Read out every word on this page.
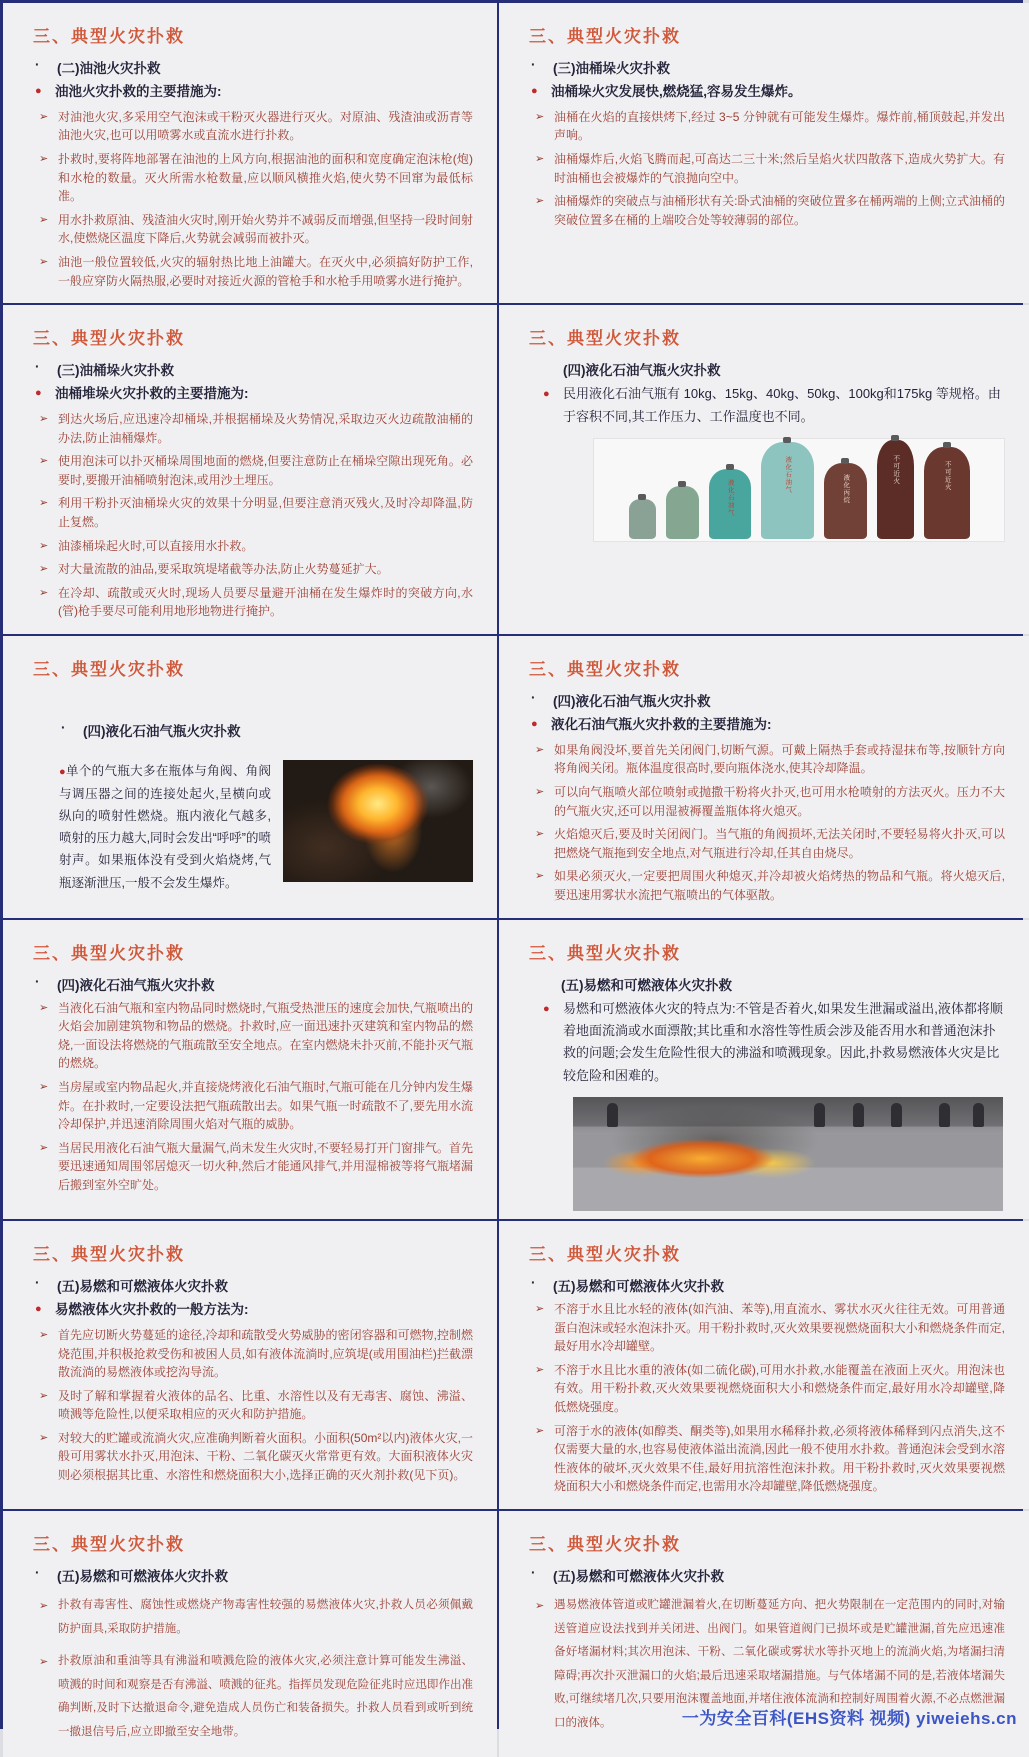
三、典型火灾扑救
·	(二)油池火灾扑救
● 油池火灾扑救的主要措施为:
➢ 对油池火灾,多采用空气泡沫或干粉灭火器进行灭火。对原油、残渣油或沥青等油池火灾,也可以用喷雾水或直流水进行扑救。
➢ 扑救时,要将阵地部署在油池的上风方向,根据油池的面积和宽度确定泡沫枪(炮)和水枪的数量。灭火所需水枪数量,应以顺风横推火焰,使火势不回窜为最低标准。
➢ 用水扑救原油、残渣油火灾时,刚开始火势并不减弱反而增强,但坚持一段时间射水,使燃烧区温度下降后,火势就会减弱而被扑灭。
➢ 油池一般位置较低,火灾的辐射热比地上油罐大。在灭火中,必须搞好防护工作,一般应穿防火隔热服,必要时对接近火源的管枪手和水枪手用喷雾水进行掩护。
三、典型火灾扑救
·	(三)油桶垛火灾扑救
● 油桶垛火灾发展快,燃烧猛,容易发生爆炸。
➢ 油桶在火焰的直接烘烤下,经过 3~5 分钟就有可能发生爆炸。爆炸前,桶顶鼓起,并发出声响。
➢ 油桶爆炸后,火焰飞腾而起,可高达二三十米;然后呈焰火状四散落下,造成火势扩大。有时油桶也会被爆炸的气浪抛向空中。
➢ 油桶爆炸的突破点与油桶形状有关:卧式油桶的突破位置多在桶两端的上侧;立式油桶的突破位置多在桶的上端咬合处等较薄弱的部位。
三、典型火灾扑救
·	(三)油桶垛火灾扑救
● 油桶堆垛火灾扑救的主要措施为:
➢ 到达火场后,应迅速冷却桶垛,并根据桶垛及火势情况,采取边灭火边疏散油桶的办法,防止油桶爆炸。
➢ 使用泡沫可以扑灭桶垛周围地面的燃烧,但要注意防止在桶垛空隙出现死角。必要时,要搬开油桶喷射泡沫,或用沙土埋压。
➢ 利用干粉扑灭油桶垛火灾的效果十分明显,但要注意消灭残火,及时冷却降温,防止复燃。
➢ 油漆桶垛起火时,可以直接用水扑救。
➢ 对大量流散的油品,要采取筑堤堵截等办法,防止火势蔓延扩大。
➢ 在冷却、疏散或灭火时,现场人员要尽量避开油桶在发生爆炸时的突破方向,水(管)枪手要尽可能利用地形地物进行掩护。
三、典型火灾扑救
(四)液化石油气瓶火灾扑救
●	民用液化石油气瓶有 10kg、15kg、40kg、50kg、100kg和175kg 等规格。由于容积不同,其工作压力、工作温度也不同。
液化石油气
液化石油气	液化丙烷
不可近火	不可近火
三、典型火灾扑救
·	(四)液化石油气瓶火灾扑救
●单个的气瓶大多在瓶体与角阀、角阀与调压器之间的连接处起火,呈横向或纵向的喷射性燃烧。瓶内液化气越多,喷射的压力越大,同时会发出“呼呼”的喷射声。如果瓶体没有受到火焰烧烤,气瓶逐渐泄压,一般不会发生爆炸。
三、典型火灾扑救
·	(四)液化石油气瓶火灾扑救
● 液化石油气瓶火灾扑救的主要措施为:
➢ 如果角阀没坏,要首先关闭阀门,切断气源。可戴上隔热手套或持湿抹布等,按顺针方向将角阀关闭。瓶体温度很高时,要向瓶体浇水,使其冷却降温。
➢ 可以向气瓶喷火部位喷射或抛撒干粉将火扑灭,也可用水枪喷射的方法灭火。压力不大的气瓶火灾,还可以用湿被褥覆盖瓶体将火熄灭。
➢ 火焰熄灭后,要及时关闭阀门。当气瓶的角阀损坏,无法关闭时,不要轻易将火扑灭,可以把燃烧气瓶拖到安全地点,对气瓶进行冷却,任其自由烧尽。
➢ 如果必须灭火,一定要把周围火种熄灭,并冷却被火焰烤热的物品和气瓶。将火熄灭后,要迅速用雾状水流把气瓶喷出的气体驱散。
三、典型火灾扑救
·	(四)液化石油气瓶火灾扑救
➢ 当液化石油气瓶和室内物品同时燃烧时,气瓶受热泄压的速度会加快,气瓶喷出的火焰会加剧建筑物和物品的燃烧。扑救时,应一面迅速扑灭建筑和室内物品的燃烧,一面设法将燃烧的气瓶疏散至安全地点。在室内燃烧未扑灭前,不能扑灭气瓶的燃烧。
➢ 当房屋或室内物品起火,并直接烧烤液化石油气瓶时,气瓶可能在几分钟内发生爆炸。在扑救时,一定要设法把气瓶疏散出去。如果气瓶一时疏散不了,要先用水流冷却保护,并迅速消除周围火焰对气瓶的威胁。
➢ 当居民用液化石油气瓶大量漏气,尚未发生火灾时,不要轻易打开门窗排气。首先要迅速通知周围邻居熄灭一切火种,然后才能通风排气,并用湿棉被等将气瓶堵漏后搬到室外空旷处。
三、典型火灾扑救
(五)易燃和可燃液体火灾扑救
●	易燃和可燃液体火灾的特点为:不管是否着火,如果发生泄漏或溢出,液体都将顺着地面流淌或水面漂散;其比重和水溶性等性质会涉及能否用水和普通泡沫扑救的问题;会发生危险性很大的沸溢和喷溅现象。因此,扑救易燃液体火灾是比较危险和困难的。
三、典型火灾扑救
·	(五)易燃和可燃液体火灾扑救
● 易燃液体火灾扑救的一般方法为:
➢ 首先应切断火势蔓延的途径,冷却和疏散受火势威胁的密闭容器和可燃物,控制燃烧范围,并积极抢救受伤和被困人员,如有液体流淌时,应筑堤(或用围油栏)拦截漂散流淌的易燃液体或挖沟导流。
➢ 及时了解和掌握着火液体的品名、比重、水溶性以及有无毒害、腐蚀、沸溢、喷溅等危险性,以便采取相应的灭火和防护措施。
➢ 对较大的贮罐或流淌火灾,应准确判断着火面积。小面积(50m²以内)液体火灾,一般可用雾状水扑灭,用泡沫、干粉、二氧化碳灭火常常更有效。大面积液体火灾则必须根据其比重、水溶性和燃烧面积大小,选择正确的灭火剂扑救(见下页)。
三、典型火灾扑救
·	(五)易燃和可燃液体火灾扑救
➢ 不溶于水且比水轻的液体(如汽油、苯等),用直流水、雾状水灭火往往无效。可用普通蛋白泡沫或轻水泡沫扑灭。用干粉扑救时,灭火效果要视燃烧面积大小和燃烧条件而定,最好用水冷却罐壁。
➢ 不溶于水且比水重的液体(如二硫化碳),可用水扑救,水能覆盖在液面上灭火。用泡沫也有效。用干粉扑救,灭火效果要视燃烧面积大小和燃烧条件而定,最好用水冷却罐壁,降低燃烧强度。
➢ 可溶于水的液体(如醇类、酮类等),如果用水稀释扑救,必须将液体稀释到闪点消失,这不仅需要大量的水,也容易使液体溢出流淌,因此一般不使用水扑救。普通泡沫会受到水溶性液体的破坏,灭火效果不佳,最好用抗溶性泡沫扑救。用干粉扑救时,灭火效果要视燃烧面积大小和燃烧条件而定,也需用水冷却罐壁,降低燃烧强度。
三、典型火灾扑救
·	(五)易燃和可燃液体火灾扑救
➢ 扑救有毒害性、腐蚀性或燃烧产物毒害性较强的易燃液体火灾,扑救人员必须佩戴防护面具,采取防护措施。
➢ 扑救原油和重油等具有沸溢和喷溅危险的液体火灾,必须注意计算可能发生沸溢、喷溅的时间和观察是否有沸溢、喷溅的征兆。指挥员发现危险征兆时应迅即作出准确判断,及时下达撤退命令,避免造成人员伤亡和装备损失。扑救人员看到或听到统一撤退信号后,应立即撤至安全地带。
三、典型火灾扑救
·	(五)易燃和可燃液体火灾扑救
➢ 遇易燃液体管道或贮罐泄漏着火,在切断蔓延方向、把火势限制在一定范围内的同时,对输送管道应设法找到并关闭进、出阀门。如果管道阀门已损坏或是贮罐泄漏,首先应迅速准备好堵漏材料;其次用泡沫、干粉、二氧化碳或雾状水等扑灭地上的流淌火焰,为堵漏扫清障碍;再次扑灭泄漏口的火焰;最后迅速采取堵漏措施。与气体堵漏不同的是,若液体堵漏失败,可继续堵几次,只要用泡沫覆盖地面,并堵住液体流淌和控制好周围着火源,不必点燃泄漏口的液体。	一为安全百科(EHS资料 视频) yiweiehs.cn
